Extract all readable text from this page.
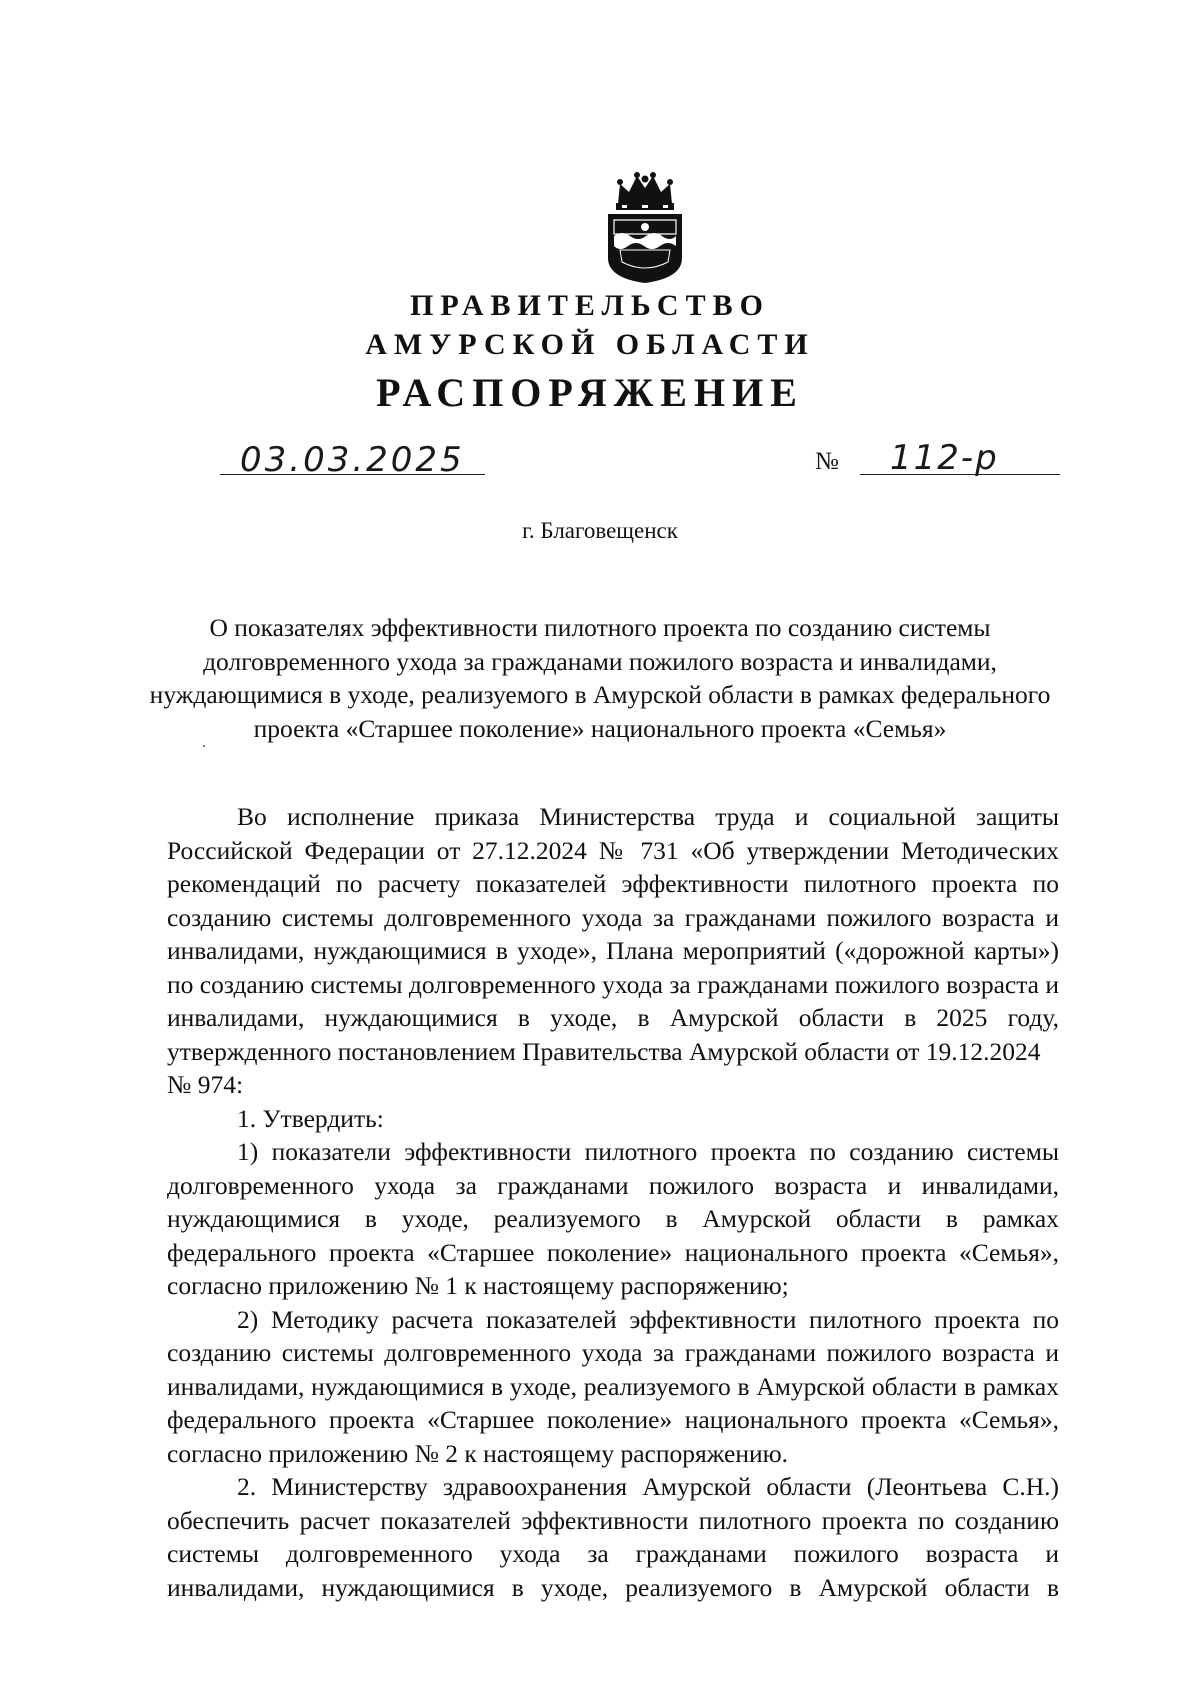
ПРАВИТЕЛЬСТВО
АМУРСКОЙ ОБЛАСТИ
РАСПОРЯЖЕНИЕ
03.03.2025	№ 112-р
г. Благовещенск
О показателях эффективности пилотного проекта по созданию системы долговременного ухода за гражданами пожилого возраста и инвалидами, нуждающимися в уходе, реализуемого в Амурской области в рамках федерального проекта «Старшее поколение» национального проекта «Семья»

Во исполнение приказа Министерства труда и социальной защиты Российской Федерации от 27.12.2024 № 731 «Об утверждении Методических рекомендаций по расчету показателей эффективности пилотного проекта по созданию системы долговременного ухода за гражданами пожилого возраста и инвалидами, нуждающимися в уходе», Плана мероприятий («дорожной карты») по созданию системы долговременного ухода за гражданами пожилого возраста и инвалидами, нуждающимися в уходе, в Амурской области в 2025 году, утвержденного постановлением Правительства Амурской области от 19.12.2024

№ 974:

1. Утвердить:

1) показатели эффективности пилотного проекта по созданию системы долговременного ухода за гражданами пожилого возраста и инвалидами, нуждающимися в уходе, реализуемого в Амурской области в рамках федерального проекта «Старшее поколение» национального проекта «Семья», согласно приложению № 1 к настоящему распоряжению;

2) Методику расчета показателей эффективности пилотного проекта по созданию системы долговременного ухода за гражданами пожилого возраста и инвалидами, нуждающимися в уходе, реализуемого в Амурской области в рамках федерального проекта «Старшее поколение» национального проекта «Семья», согласно приложению № 2 к настоящему распоряжению.

2. Министерству здравоохранения Амурской области (Леонтьева С.Н.) обеспечить расчет показателей эффективности пилотного проекта по созданию системы долговременного ухода за гражданами пожилого возраста и инвалидами, нуждающимися в уходе, реализуемого в Амурской области в
